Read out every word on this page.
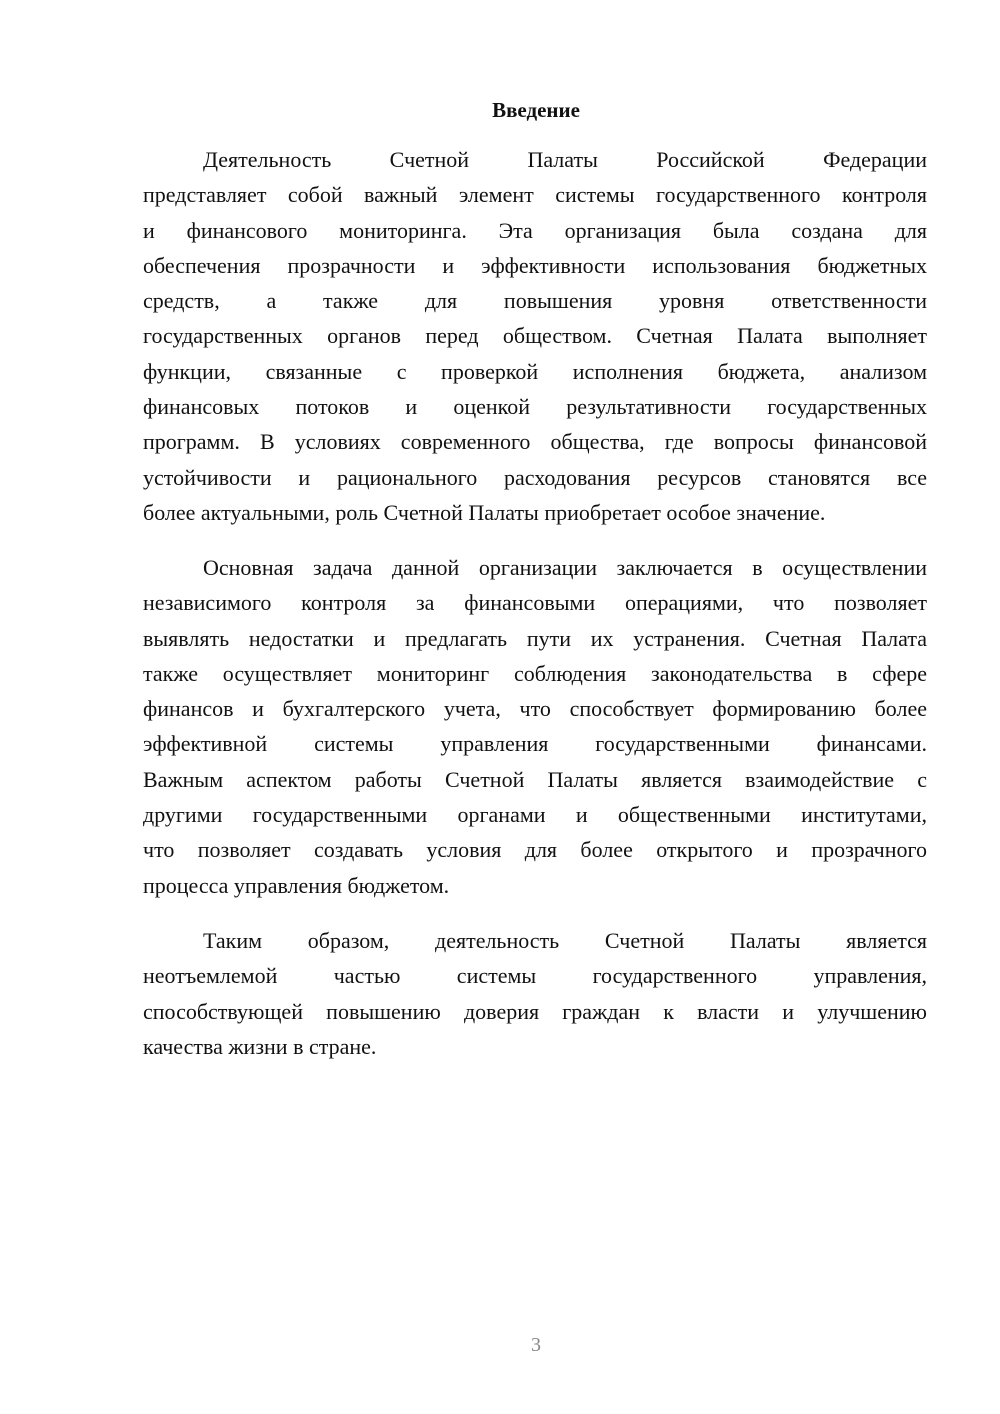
Введение
Деятельность Счетной Палаты Российской Федерации
представляет собой важный элемент системы государственного контроля
и финансового мониторинга. Эта организация была создана для
обеспечения прозрачности и эффективности использования бюджетных
средств, а также для повышения уровня ответственности
государственных органов перед обществом. Счетная Палата выполняет
функции, связанные с проверкой исполнения бюджета, анализом
финансовых потоков и оценкой результативности государственных
программ. В условиях современного общества, где вопросы финансовой
устойчивости и рационального расходования ресурсов становятся все
более актуальными, роль Счетной Палаты приобретает особое значение.
Основная задача данной организации заключается в осуществлении
независимого контроля за финансовыми операциями, что позволяет
выявлять недостатки и предлагать пути их устранения. Счетная Палата
также осуществляет мониторинг соблюдения законодательства в сфере
финансов и бухгалтерского учета, что способствует формированию более
эффективной системы управления государственными финансами.
Важным аспектом работы Счетной Палаты является взаимодействие с
другими государственными органами и общественными институтами,
что позволяет создавать условия для более открытого и прозрачного
процесса управления бюджетом.
Таким образом, деятельность Счетной Палаты является
неотъемлемой частью системы государственного управления,
способствующей повышению доверия граждан к власти и улучшению
качества жизни в стране.
3
